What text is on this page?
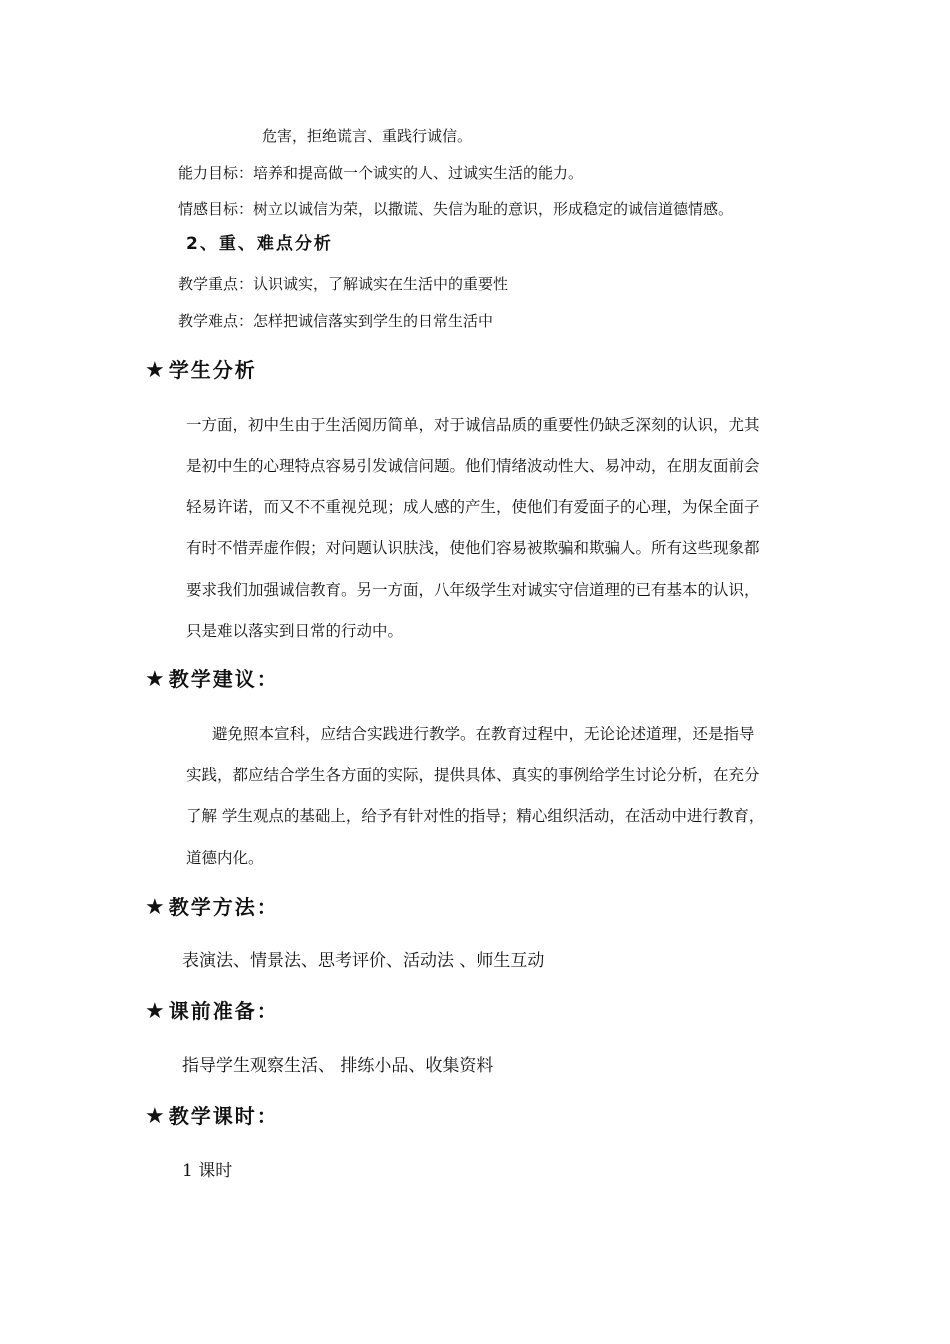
危害，拒绝谎言、重践行诚信。
能力目标：培养和提高做一个诚实的人、过诚实生活的能力。
情感目标：树立以诚信为荣，以撒谎、失信为耻的意识，形成稳定的诚信道德情感。
2、重、难点分析
教学重点：认识诚实，了解诚实在生活中的重要性
教学难点：怎样把诚信落实到学生的日常生活中
★ 学生分析
一方面，初中生由于生活阅历简单，对于诚信品质的重要性仍缺乏深刻的认识，尤其
是初中生的心理特点容易引发诚信问题。他们情绪波动性大、易冲动，在朋友面前会
轻易许诺，而又不不重视兑现；成人感的产生，使他们有爱面子的心理，为保全面子
有时不惜弄虚作假；对问题认识肤浅，使他们容易被欺骗和欺骗人。所有这些现象都
要求我们加强诚信教育。另一方面，八年级学生对诚实守信道理的已有基本的认识，
只是难以落实到日常的行动中。
★ 教学建议：
避免照本宣科，应结合实践进行教学。在教育过程中，无论论述道理，还是指导
实践，都应结合学生各方面的实际，提供具体、真实的事例给学生讨论分析，在充分
了解 学生观点的基础上，给予有针对性的指导；精心组织活动，在活动中进行教育，
道德内化。
★ 教学方法：
表演法、情景法、思考评价、活动法 、师生互动
★ 课前准备：
指导学生观察生活、 排练小品、收集资料
★ 教学课时：
1 课时
